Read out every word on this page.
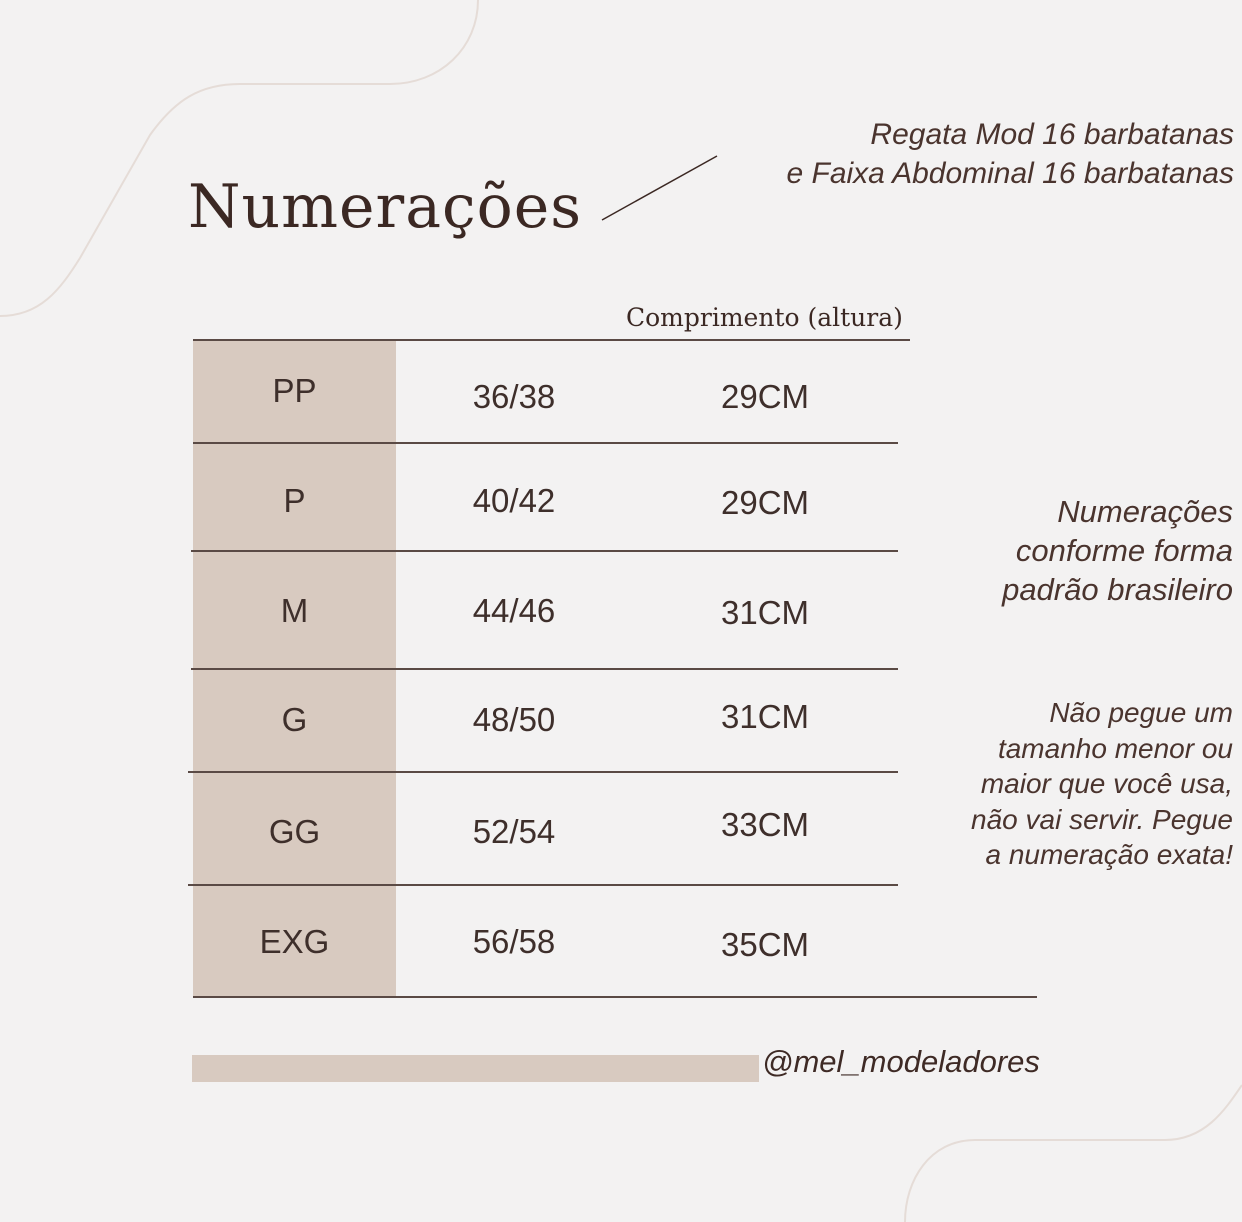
Numerações
Regata Mod 16 barbatanas
e Faixa Abdominal 16 barbatanas
Comprimento (altura)
PP	36/38	29CM
P	40/42	29CM
M	44/46	31CM
G	48/50	31CM
GG	52/54	33CM
EXG	56/58	35CM
Numerações
conforme forma
padrão brasileiro
Não pegue um
tamanho menor ou
maior que você usa,
não vai servir. Pegue
a numeração exata!
@mel_modeladores
